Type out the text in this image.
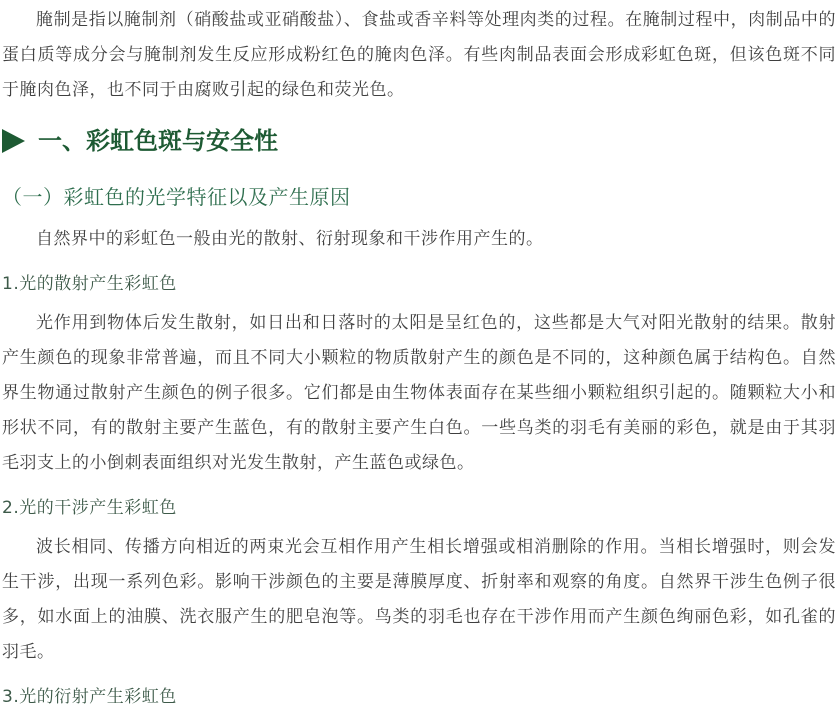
腌制是指以腌制剂（硝酸盐或亚硝酸盐）、食盐或香辛料等处理肉类的过程。在腌制过程中，肉制品中的蛋白质等成分会与腌制剂发生反应形成粉红色的腌肉色泽。有些肉制品表面会形成彩虹色斑，但该色斑不同于腌肉色泽，也不同于由腐败引起的绿色和荧光色。

一、彩虹色斑与安全性
（一）彩虹色的光学特征以及产生原因

自然界中的彩虹色一般由光的散射、衍射现象和干涉作用产生的。

1.光的散射产生彩虹色

光作用到物体后发生散射，如日出和日落时的太阳是呈红色的，这些都是大气对阳光散射的结果。散射产生颜色的现象非常普遍，而且不同大小颗粒的物质散射产生的颜色是不同的，这种颜色属于结构色。自然界生物通过散射产生颜色的例子很多。它们都是由生物体表面存在某些细小颗粒组织引起的。随颗粒大小和形状不同，有的散射主要产生蓝色，有的散射主要产生白色。一些鸟类的羽毛有美丽的彩色，就是由于其羽毛羽支上的小倒刺表面组织对光发生散射，产生蓝色或绿色。

2.光的干涉产生彩虹色

波长相同、传播方向相近的两束光会互相作用产生相长增强或相消删除的作用。当相长增强时，则会发生干涉，出现一系列色彩。影响干涉颜色的主要是薄膜厚度、折射率和观察的角度。自然界干涉生色例子很多，如水面上的油膜、洗衣服产生的肥皂泡等。鸟类的羽毛也存在干涉作用而产生颜色绚丽色彩，如孔雀的羽毛。

3.光的衍射产生彩虹色
